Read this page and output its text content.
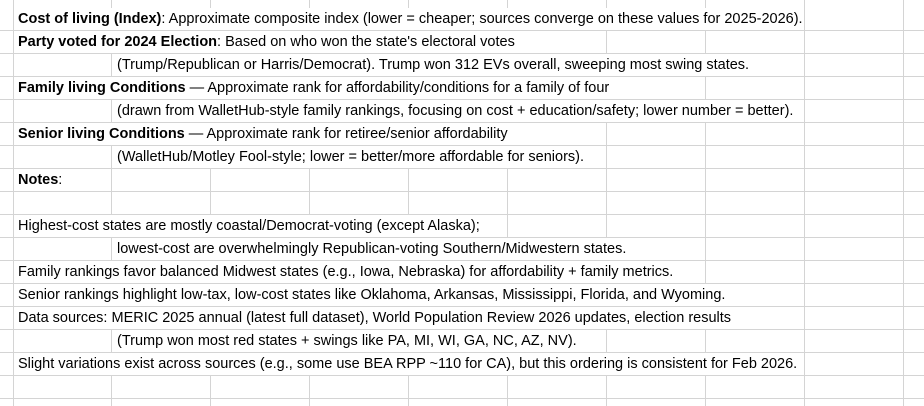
Cost of living (Index): Approximate composite index (lower = cheaper; sources converge on these values for 2025-2026).
Party voted for 2024 Election: Based on who won the state's electoral votes
(Trump/Republican or Harris/Democrat). Trump won 312 EVs overall, sweeping most swing states.
Family living Conditions — Approximate rank for affordability/conditions for a family of four
(drawn from WalletHub-style family rankings, focusing on cost + education/safety; lower number = better).
Senior living Conditions — Approximate rank for retiree/senior affordability
(WalletHub/Motley Fool-style; lower = better/more affordable for seniors).
Notes:
Highest-cost states are mostly coastal/Democrat-voting (except Alaska);
lowest-cost are overwhelmingly Republican-voting Southern/Midwestern states.
Family rankings favor balanced Midwest states (e.g., Iowa, Nebraska) for affordability + family metrics.
Senior rankings highlight low-tax, low-cost states like Oklahoma, Arkansas, Mississippi, Florida, and Wyoming.
Data sources: MERIC 2025 annual (latest full dataset), World Population Review 2026 updates, election results
(Trump won most red states + swings like PA, MI, WI, GA, NC, AZ, NV).
Slight variations exist across sources (e.g., some use BEA RPP ~110 for CA), but this ordering is consistent for Feb 2026.
